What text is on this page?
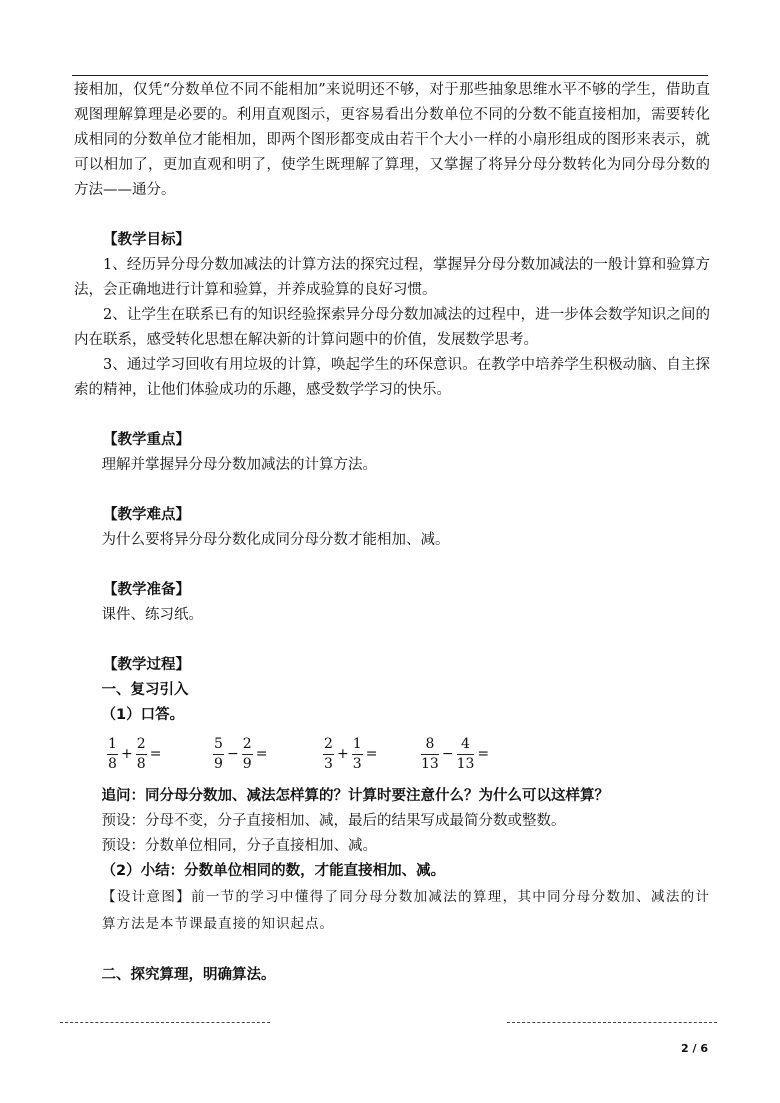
接相加，仅凭“分数单位不同不能相加”来说明还不够，对于那些抽象思维水平不够的学生，借助直观图理解算理是必要的。利用直观图示，更容易看出分数单位不同的分数不能直接相加，需要转化成相同的分数单位才能相加，即两个图形都变成由若干个大小一样的小扇形组成的图形来表示，就可以相加了，更加直观和明了，使学生既理解了算理，又掌握了将异分母分数转化为同分母分数的方法——通分。

【教学目标】

1、经历异分母分数加减法的计算方法的探究过程，掌握异分母分数加减法的一般计算和验算方法，会正确地进行计算和验算，并养成验算的良好习惯。

2、让学生在联系已有的知识经验探索异分母分数加减法的过程中，进一步体会数学知识之间的内在联系，感受转化思想在解决新的计算问题中的价值，发展数学思考。

3、通过学习回收有用垃圾的计算，唤起学生的环保意识。在教学中培养学生积极动脑、自主探索的精神，让他们体验成功的乐趣，感受数学学习的快乐。

【教学重点】

理解并掌握异分母分数加减法的计算方法。

【教学难点】

为什么要将异分母分数化成同分母分数才能相加、减。

【教学准备】

课件、练习纸。

【教学过程】

一、复习引入

（1）口答。

$\frac{1}{8} + \frac{2}{8}$ =	$\frac{5}{9} - \frac{2}{9}$ =	$\frac{2}{3} + \frac{1}{3}$ =	$\frac{8}{13} - \frac{4}{13}$ =

追问：同分母分数加、减法怎样算的？计算时要注意什么？为什么可以这样算？

预设：分母不变，分子直接相加、减，最后的结果写成最简分数或整数。

预设：分数单位相同，分子直接相加、减。

（2）小结：分数单位相同的数，才能直接相加、减。

【设计意图】前一节的学习中懂得了同分母分数加减法的算理，其中同分母分数加、减法的计算方法是本节课最直接的知识起点。

二、探究算理，明确算法。

2 / 6
